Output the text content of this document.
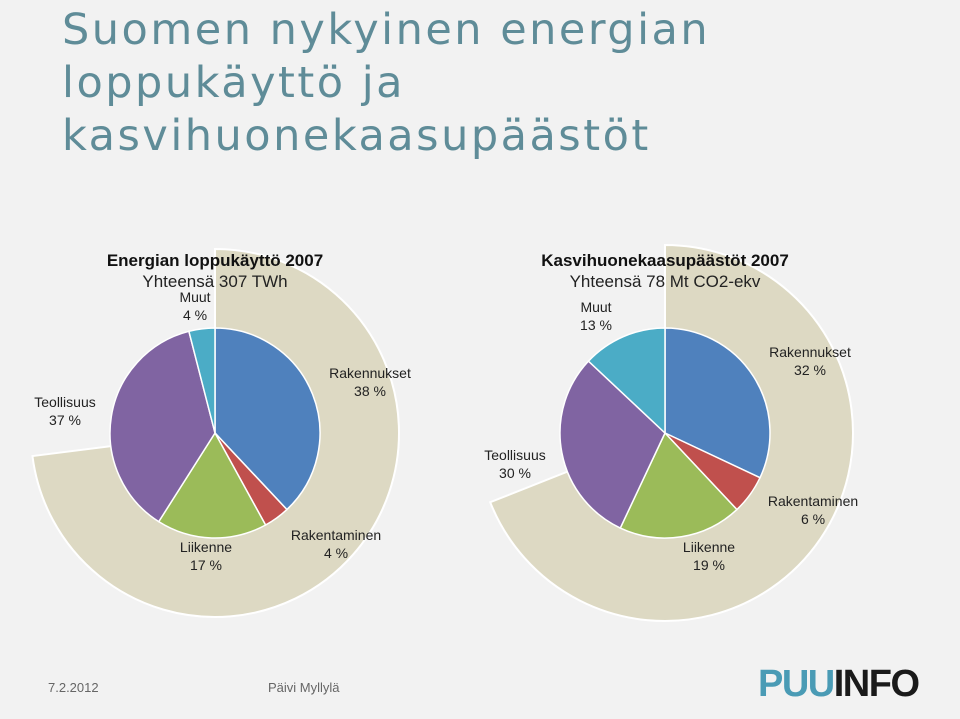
Suomen nykyinen energian
loppukäyttö ja
kasvihuonekaasupäästöt
Energian loppukäyttö 2007
Yhteensä 307 TWh
Rakennukset 38 %
Rakentaminen 4 %
Liikenne 17 %
Teollisuus 37 %
Muut 4 %
Kasvihuonekaasupäästöt 2007
Yhteensä 78 Mt CO2-ekv
Rakennukset 32 %
Rakentaminen 6 %
Liikenne 19 %
Teollisuus 30 %
Muut 13 %
7.2.2012	Päivi Myllylä	PUUINFO
